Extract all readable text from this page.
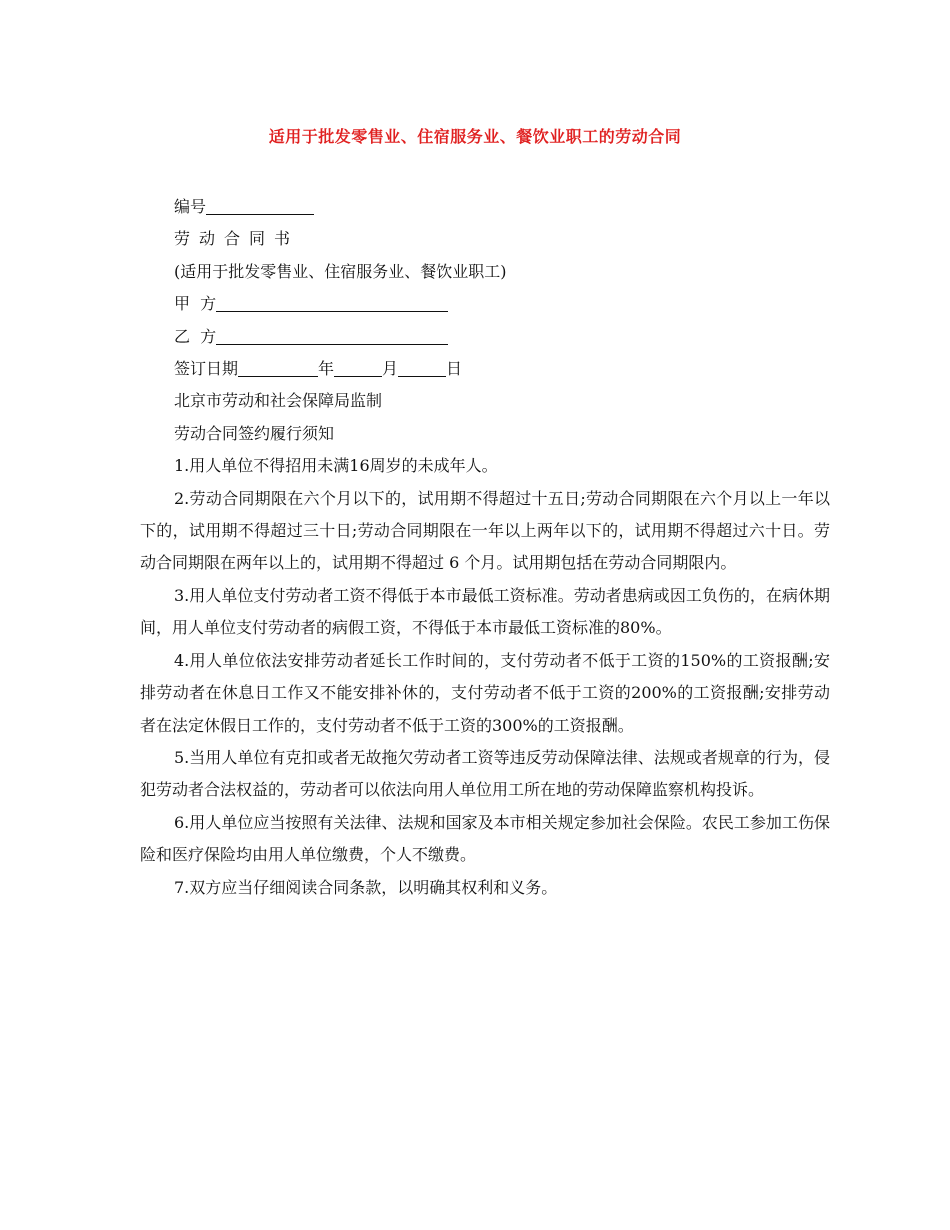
适用于批发零售业、住宿服务业、餐饮业职工的劳动合同
编号
劳动合同书
(适用于批发零售业、住宿服务业、餐饮业职工)
甲  方
乙  方
签订日期	年	月	日
北京市劳动和社会保障局监制
劳动合同签约履行须知
1.用人单位不得招用未满16周岁的未成年人。
2.劳动合同期限在六个月以下的，试用期不得超过十五日;劳动合同期限在六个月以上一年以下的，试用期不得超过三十日;劳动合同期限在一年以上两年以下的，试用期不得超过六十日。劳动合同期限在两年以上的，试用期不得超过 6 个月。试用期包括在劳动合同期限内。
3.用人单位支付劳动者工资不得低于本市最低工资标准。劳动者患病或因工负伤的，在病休期间，用人单位支付劳动者的病假工资，不得低于本市最低工资标准的80%。
4.用人单位依法安排劳动者延长工作时间的，支付劳动者不低于工资的150%的工资报酬;安排劳动者在休息日工作又不能安排补休的，支付劳动者不低于工资的200%的工资报酬;安排劳动者在法定休假日工作的，支付劳动者不低于工资的300%的工资报酬。
5.当用人单位有克扣或者无故拖欠劳动者工资等违反劳动保障法律、法规或者规章的行为，侵犯劳动者合法权益的，劳动者可以依法向用人单位用工所在地的劳动保障监察机构投诉。
6.用人单位应当按照有关法律、法规和国家及本市相关规定参加社会保险。农民工参加工伤保险和医疗保险均由用人单位缴费，个人不缴费。
7.双方应当仔细阅读合同条款，以明确其权利和义务。
